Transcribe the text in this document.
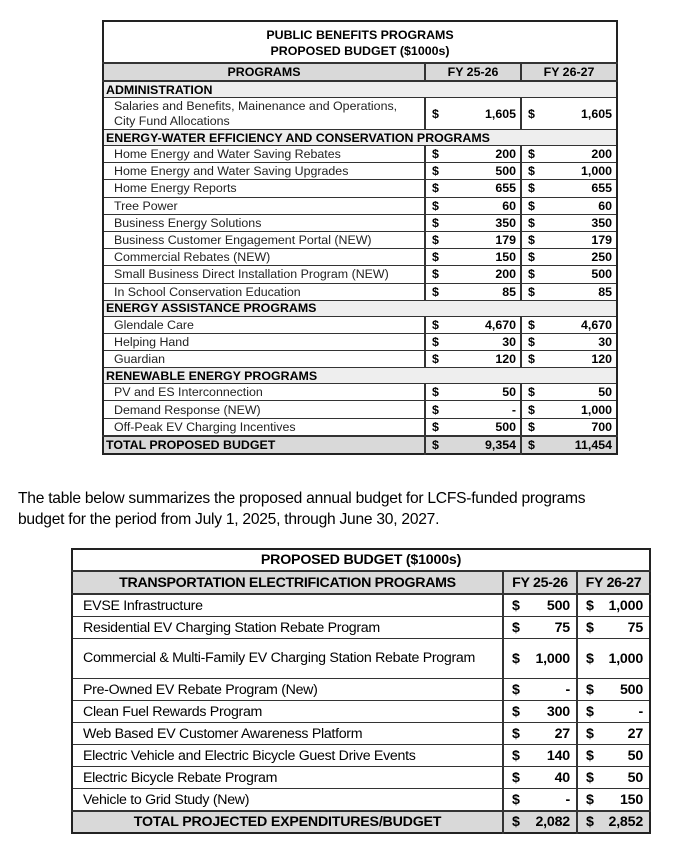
PUBLIC BENEFITS PROGRAMS
PROPOSED BUDGET ($1000s)		

PROGRAMS	FY 25-26	FY 26-27
ADMINISTRATION		
Salaries and Benefits, Mainenance and Operations, City Fund Allocations	$ 1,605	$ 1,605
ENERGY-WATER EFFICIENCY AND CONSERVATION PROGRAMS		
Home Energy and Water Saving Rebates	$ 200	$ 200
Home Energy and Water Saving Upgrades	$ 500	$ 1,000
Home Energy Reports	$ 655	$ 655
Tree Power	$ 60	$ 60
Business Energy Solutions	$ 350	$ 350
Business Customer Engagement Portal (NEW)	$ 179	$ 179
Commercial Rebates (NEW)	$ 150	$ 250
Small Business Direct Installation Program (NEW)	$ 200	$ 500
In School Conservation Education	$ 85	$ 85
ENERGY ASSISTANCE PROGRAMS		
Glendale Care	$ 4,670	$ 4,670
Helping Hand	$ 30	$ 30
Guardian	$ 120	$ 120
RENEWABLE ENERGY PROGRAMS		
PV and ES Interconnection	$ 50	$ 50
Demand Response (NEW)	$ -	$ 1,000
Off-Peak EV Charging Incentives	$ 500	$ 700
TOTAL PROPOSED BUDGET	$ 9,354	$ 11,454
The table below summarizes the proposed annual budget for LCFS-funded programs
budget for the period from July 1, 2025, through June 30, 2027.
PROPOSED BUDGET ($1000s)		
TRANSPORTATION ELECTRIFICATION PROGRAMS	FY 25-26	FY 26-27
EVSE Infrastructure	$ 500	$ 1,000
Residential EV Charging Station Rebate Program	$ 75	$ 75
Commercial & Multi-Family EV Charging Station Rebate Program	$ 1,000	$ 1,000
Pre-Owned EV Rebate Program (New)	$ -	$ 500
Clean Fuel Rewards Program	$ 300	$ -
Web Based EV Customer Awareness Platform	$ 27	$ 27
Electric Vehicle and Electric Bicycle Guest Drive Events	$ 140	$ 50
Electric Bicycle Rebate Program	$ 40	$ 50
Vehicle to Grid Study (New)	$ -	$ 150
TOTAL PROJECTED EXPENDITURES/BUDGET	$ 2,082	$ 2,852
